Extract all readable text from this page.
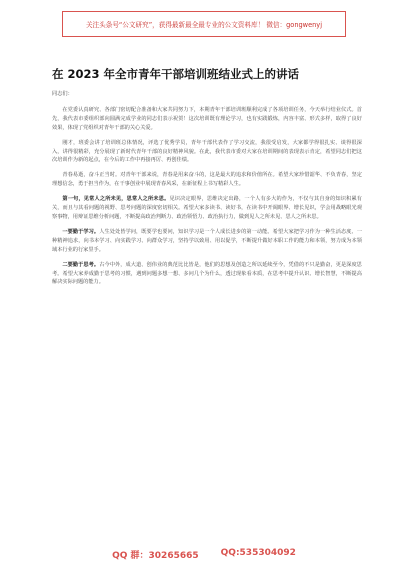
关注头条号“公文研究”，获得最新最全最专业的公文资料库！ 微信：gongwenyj
在 2023 年全市青年干部培训班结业式上的讲话

同志们：

在党委认真研究、各部门密切配合准备和大家共同努力下，本期青年干部培训班顺利完成了各项培训任务，今天举行结业仪式。首先，我代表市委组织部向圆满完成学业的同志们表示祝贺！这次培训既有理论学习，也有实践锻炼，内容丰富、形式多样，取得了良好效果，体现了党组织对青年干部的关心关爱。

刚才，班委会讲了培训班总体情况，评选了优秀学员，青年干部代表作了学习交流，我很受启发，大家都学得很扎实、谈得很深入，讲得很精彩，充分展现了新时代青年干部的良好精神风貌。在此，我代表市委对大家在培训期间的表现表示肯定，希望同志们把这次培训作为新的起点，在今后的工作中再接再厉、再创佳绩。

青春易逝，奋斗正当时。对青年干部来说，青春是用来奋斗的，这是最大的追求和价值所在。希望大家珍惜韶华、不负青春，坚定理想信念，勇于担当作为，在干事创业中展现青春风采，在新征程上书写精彩人生。

第一句，见常人之所未见，思常人之所未思。见识决定眼界，思维决定出路，一个人有多大的作为，不仅与其自身的知识积累有关，而且与其看问题的视野、思考问题的深度密切相关。希望大家多读书、读好书，在读书中开阔眼界、增长见识，学会用战略眼光观察事物，用辩证思维分析问题，不断提高政治判断力、政治领悟力、政治执行力，做到见人之所未见、思人之所未思。

一要勤于学习。人生处处皆学问，既要学也要问，知识学习是一个人成长进步的第一动能。希望大家把学习作为一种生活态度、一种精神追求，向书本学习、向实践学习、向群众学习，坚持学以致用、用以促学，不断提升做好本职工作的能力和本领，努力成为本领域本行业的行家里手。

二要勤于思考。古今中外，成大道、创伟业的典范比比皆是，他们的思想及创造之所以延续至今，凭借的不只是勤奋，更是深度思考。希望大家养成勤于思考的习惯，遇到问题多想一想、多问几个为什么，透过现象看本质，在思考中提升认识、增长智慧，不断提高解决实际问题的能力。

QQ 群：30265665 QQ:535304092
